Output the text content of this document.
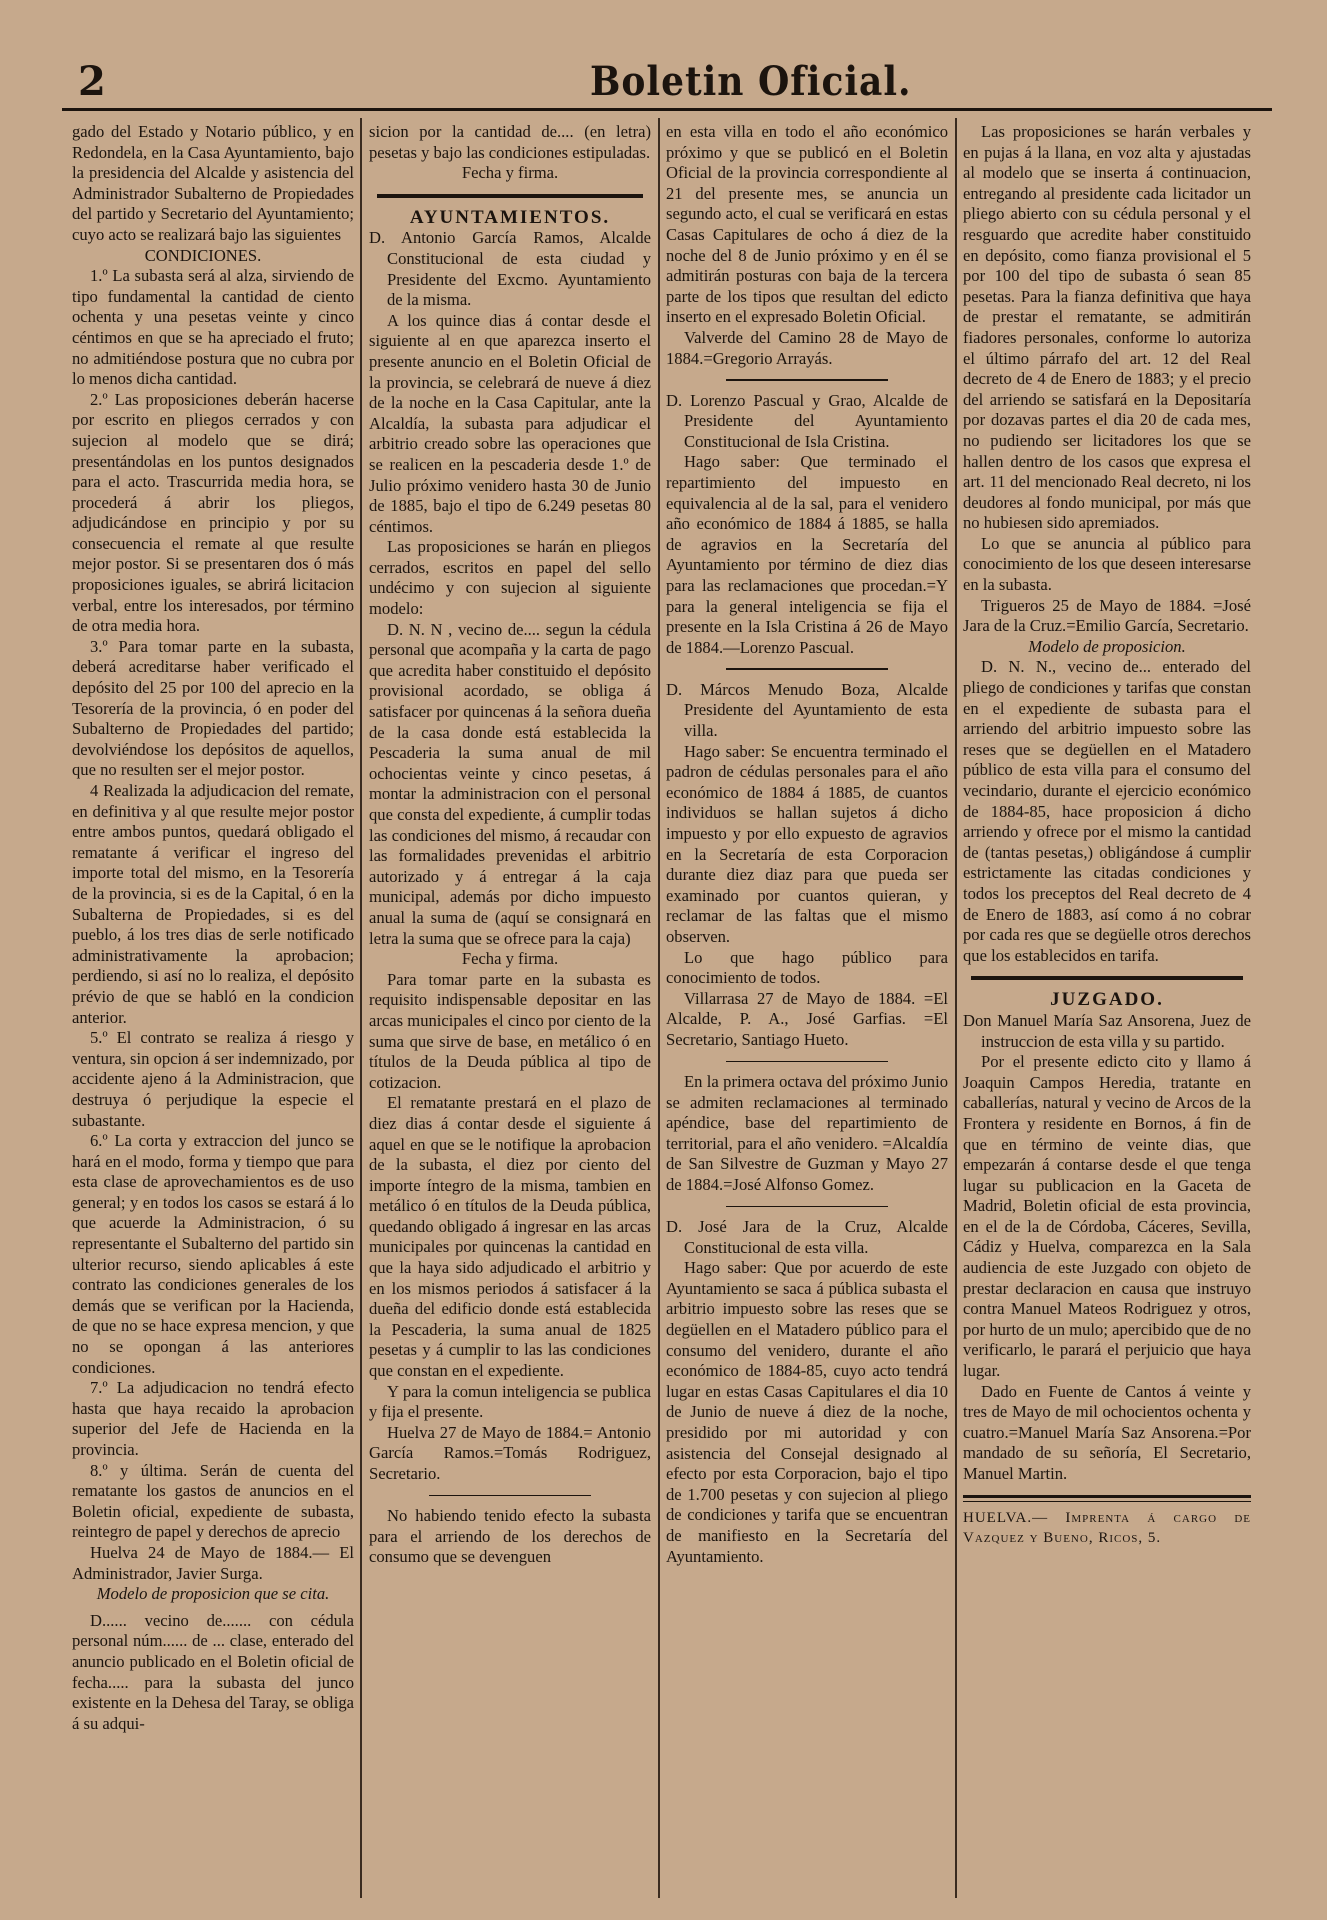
2	Boletin Oficial.

gado del Estado y Notario público, y en Redondela, en la Casa Ayuntamiento, bajo la presidencia del Alcalde y asistencia del Administrador Subalterno de Propiedades del partido y Secretario del Ayuntamiento; cuyo acto se realizará bajo las siguientes

CONDICIONES.

1.º La subasta será al alza, sirviendo de tipo fundamental la cantidad de ciento ochenta y una pesetas veinte y cinco céntimos en que se ha apreciado el fruto; no admitiéndose postura que no cubra por lo menos dicha cantidad.

2.º Las proposiciones deberán hacerse por escrito en pliegos cerrados y con sujecion al modelo que se dirá; presentándolas en los puntos designados para el acto. Trascurrida media hora, se procederá á abrir los pliegos, adjudicándose en principio y por su consecuencia el remate al que resulte mejor postor. Si se presentaren dos ó más proposiciones iguales, se abrirá licitacion verbal, entre los interesados, por término de otra media hora.

3.º Para tomar parte en la subasta, deberá acreditarse haber verificado el depósito del 25 por 100 del aprecio en la Tesorería de la provincia, ó en poder del Subalterno de Propiedades del partido; devolviéndose los depósitos de aquellos, que no resulten ser el mejor postor.

4 Realizada la adjudicacion del remate, en definitiva y al que resulte mejor postor entre ambos puntos, quedará obligado el rematante á verificar el ingreso del importe total del mismo, en la Tesorería de la provincia, si es de la Capital, ó en la Subalterna de Propiedades, si es del pueblo, á los tres dias de serle notificado administrativamente la aprobacion; perdiendo, si así no lo realiza, el depósito prévio de que se habló en la condicion anterior.

5.º El contrato se realiza á riesgo y ventura, sin opcion á ser indemnizado, por accidente ajeno á la Administracion, que destruya ó perjudique la especie el subastante.

6.º La corta y extraccion del junco se hará en el modo, forma y tiempo que para esta clase de aprovechamientos es de uso general; y en todos los casos se estará á lo que acuerde la Administracion, ó su representante el Subalterno del partido sin ulterior recurso, siendo aplicables á este contrato las condiciones generales de los demás que se verifican por la Hacienda, de que no se hace expresa mencion, y que no se opongan á las anteriores condiciones.

7.º La adjudicacion no tendrá efecto hasta que haya recaido la aprobacion superior del Jefe de Hacienda en la provincia.

8.º y última. Serán de cuenta del rematante los gastos de anuncios en el Boletin oficial, expediente de subasta, reintegro de papel y derechos de aprecio

Huelva 24 de Mayo de 1884.— El Administrador, Javier Surga.

Modelo de proposicion que se cita.

D...... vecino de....... con cédula personal núm...... de ... clase, enterado del anuncio publicado en el Boletin oficial de fecha..... para la subasta del junco existente en la Dehesa del Taray, se obliga á su adqui-

sicion por la cantidad de.... (en letra) pesetas y bajo las condiciones estipuladas.

Fecha y firma.

AYUNTAMIENTOS.

D. Antonio García Ramos, Alcalde Constitucional de esta ciudad y Presidente del Excmo. Ayuntamiento de la misma.

A los quince dias á contar desde el siguiente al en que aparezca inserto el presente anuncio en el Boletin Oficial de la provincia, se celebrará de nueve á diez de la noche en la Casa Capitular, ante la Alcaldía, la subasta para adjudicar el arbitrio creado sobre las operaciones que se realicen en la pescaderia desde 1.º de Julio próximo venidero hasta 30 de Junio de 1885, bajo el tipo de 6.249 pesetas 80 céntimos.

Las proposiciones se harán en pliegos cerrados, escritos en papel del sello undécimo y con sujecion al siguiente modelo:

D. N. N , vecino de.... segun la cédula personal que acompaña y la carta de pago que acredita haber constituido el depósito provisional acordado, se obliga á satisfacer por quincenas á la señora dueña de la casa donde está establecida la Pescaderia la suma anual de mil ochocientas veinte y cinco pesetas, á montar la administracion con el personal que consta del expediente, á cumplir todas las condiciones del mismo, á recaudar con las formalidades prevenidas el arbitrio autorizado y á entregar á la caja municipal, además por dicho impuesto anual la suma de (aquí se consignará en letra la suma que se ofrece para la caja)

Fecha y firma.

Para tomar parte en la subasta es requisito indispensable depositar en las arcas municipales el cinco por ciento de la suma que sirve de base, en metálico ó en títulos de la Deuda pública al tipo de cotizacion.

El rematante prestará en el plazo de diez dias á contar desde el siguiente á aquel en que se le notifique la aprobacion de la subasta, el diez por ciento del importe íntegro de la misma, tambien en metálico ó en títulos de la Deuda pública, quedando obligado á ingresar en las arcas municipales por quincenas la cantidad en que la haya sido adjudicado el arbitrio y en los mismos periodos á satisfacer á la dueña del edificio donde está establecida la Pescaderia, la suma anual de 1825 pesetas y á cumplir to las las condiciones que constan en el expediente.

Y para la comun inteligencia se publica y fija el presente.

Huelva 27 de Mayo de 1884.= Antonio García Ramos.=Tomás Rodriguez, Secretario.

No habiendo tenido efecto la subasta para el arriendo de los derechos de consumo que se devenguen

en esta villa en todo el año económico próximo y que se publicó en el Boletin Oficial de la provincia correspondiente al 21 del presente mes, se anuncia un segundo acto, el cual se verificará en estas Casas Capitulares de ocho á diez de la noche del 8 de Junio próximo y en él se admitirán posturas con baja de la tercera parte de los tipos que resultan del edicto inserto en el expresado Boletin Oficial.

Valverde del Camino 28 de Mayo de 1884.=Gregorio Arrayás.

D. Lorenzo Pascual y Grao, Alcalde de Presidente del Ayuntamiento Constitucional de Isla Cristina.

Hago saber: Que terminado el repartimiento del impuesto en equivalencia al de la sal, para el venidero año económico de 1884 á 1885, se halla de agravios en la Secretaría del Ayuntamiento por término de diez dias para las reclamaciones que procedan.=Y para la general inteligencia se fija el presente en la Isla Cristina á 26 de Mayo de 1884.—Lorenzo Pascual.

D. Márcos Menudo Boza, Alcalde Presidente del Ayuntamiento de esta villa.

Hago saber: Se encuentra terminado el padron de cédulas personales para el año económico de 1884 á 1885, de cuantos individuos se hallan sujetos á dicho impuesto y por ello expuesto de agravios en la Secretaría de esta Corporacion durante diez diaz para que pueda ser examinado por cuantos quieran, y reclamar de las faltas que el mismo observen.

Lo que hago público para conocimiento de todos.

Villarrasa 27 de Mayo de 1884. =El Alcalde, P. A., José Garfias. =El Secretario, Santiago Hueto.

En la primera octava del próximo Junio se admiten reclamaciones al terminado apéndice, base del repartimiento de territorial, para el año venidero. =Alcaldía de San Silvestre de Guzman y Mayo 27 de 1884.=José Alfonso Gomez.

D. José Jara de la Cruz, Alcalde Constitucional de esta villa.

Hago saber: Que por acuerdo de este Ayuntamiento se saca á pública subasta el arbitrio impuesto sobre las reses que se degüellen en el Matadero público para el consumo del venidero, durante el año económico de 1884-85, cuyo acto tendrá lugar en estas Casas Capitulares el dia 10 de Junio de nueve á diez de la noche, presidido por mi autoridad y con asistencia del Consejal designado al efecto por esta Corporacion, bajo el tipo de 1.700 pesetas y con sujecion al pliego de condiciones y tarifa que se encuentran de manifiesto en la Secretaría del Ayuntamiento.

Las proposiciones se harán verbales y en pujas á la llana, en voz alta y ajustadas al modelo que se inserta á continuacion, entregando al presidente cada licitador un pliego abierto con su cédula personal y el resguardo que acredite haber constituido en depósito, como fianza provisional el 5 por 100 del tipo de subasta ó sean 85 pesetas. Para la fianza definitiva que haya de prestar el rematante, se admitirán fiadores personales, conforme lo autoriza el último párrafo del art. 12 del Real decreto de 4 de Enero de 1883; y el precio del arriendo se satisfará en la Depositaría por dozavas partes el dia 20 de cada mes, no pudiendo ser licitadores los que se hallen dentro de los casos que expresa el art. 11 del mencionado Real decreto, ni los deudores al fondo municipal, por más que no hubiesen sido apremiados.

Lo que se anuncia al público para conocimiento de los que deseen interesarse en la subasta.

Trigueros 25 de Mayo de 1884. =José Jara de la Cruz.=Emilio García, Secretario.

Modelo de proposicion.

D. N. N., vecino de... enterado del pliego de condiciones y tarifas que constan en el expediente de subasta para el arriendo del arbitrio impuesto sobre las reses que se degüellen en el Matadero público de esta villa para el consumo del vecindario, durante el ejercicio económico de 1884-85, hace proposicion á dicho arriendo y ofrece por el mismo la cantidad de (tantas pesetas,) obligándose á cumplir estrictamente las citadas condiciones y todos los preceptos del Real decreto de 4 de Enero de 1883, así como á no cobrar por cada res que se degüelle otros derechos que los establecidos en tarifa.

JUZGADO.

Don Manuel María Saz Ansorena, Juez de instruccion de esta villa y su partido.

Por el presente edicto cito y llamo á Joaquin Campos Heredia, tratante en caballerías, natural y vecino de Arcos de la Frontera y residente en Bornos, á fin de que en término de veinte dias, que empezarán á contarse desde el que tenga lugar su publicacion en la Gaceta de Madrid, Boletin oficial de esta provincia, en el de la de Córdoba, Cáceres, Sevilla, Cádiz y Huelva, comparezca en la Sala audiencia de este Juzgado con objeto de prestar declaracion en causa que instruyo contra Manuel Mateos Rodriguez y otros, por hurto de un mulo; apercibido que de no verificarlo, le parará el perjuicio que haya lugar.

Dado en Fuente de Cantos á veinte y tres de Mayo de mil ochocientos ochenta y cuatro.=Manuel María Saz Ansorena.=Por mandado de su señoría, El Secretario, Manuel Martin.

HUELVA.— Imprenta á cargo de Vazquez y Bueno, Ricos, 5.
